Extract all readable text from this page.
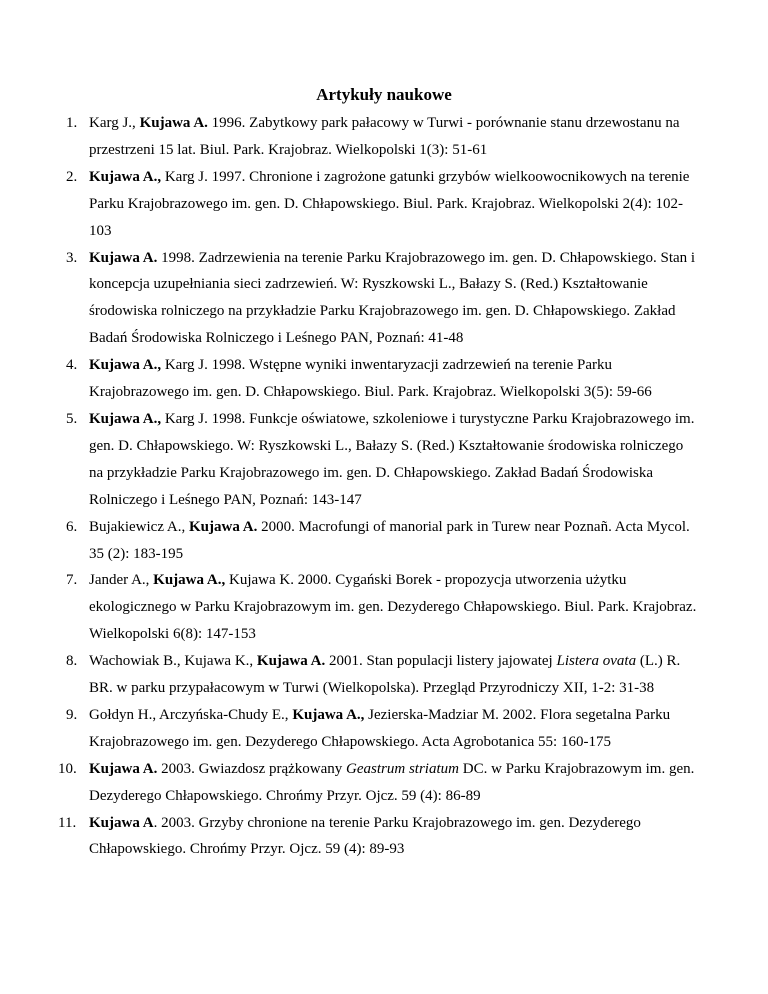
Artykuły naukowe
1. Karg J., Kujawa A. 1996. Zabytkowy park pałacowy w Turwi - porównanie stanu drzewostanu na przestrzeni 15 lat. Biul. Park. Krajobraz. Wielkopolski 1(3): 51-61
2. Kujawa A., Karg J. 1997. Chronione i zagrożone gatunki grzybów wielkoowocnikowych na terenie Parku Krajobrazowego im. gen. D. Chłapowskiego. Biul. Park. Krajobraz. Wielkopolski 2(4): 102-103
3. Kujawa A. 1998. Zadrzewienia na terenie Parku Krajobrazowego im. gen. D. Chłapowskiego. Stan i koncepcja uzupełniania sieci zadrzewień. W: Ryszkowski L., Bałazy S. (Red.) Kształtowanie środowiska rolniczego na przykładzie Parku Krajobrazowego im. gen. D. Chłapowskiego. Zakład Badań Środowiska Rolniczego i Leśnego PAN, Poznań: 41-48
4. Kujawa A., Karg J. 1998. Wstępne wyniki inwentaryzacji zadrzewień na terenie Parku Krajobrazowego im. gen. D. Chłapowskiego. Biul. Park. Krajobraz. Wielkopolski 3(5): 59-66
5. Kujawa A., Karg J. 1998. Funkcje oświatowe, szkoleniowe i turystyczne Parku Krajobrazowego im. gen. D. Chłapowskiego. W: Ryszkowski L., Bałazy S. (Red.) Kształtowanie środowiska rolniczego na przykładzie Parku Krajobrazowego im. gen. D. Chłapowskiego. Zakład Badań Środowiska Rolniczego i Leśnego PAN, Poznań: 143-147
6. Bujakiewicz A., Kujawa A. 2000. Macrofungi of manorial park in Turew near Poznañ. Acta Mycol. 35 (2): 183-195
7. Jander A., Kujawa A., Kujawa K. 2000. Cygański Borek - propozycja utworzenia użytku ekologicznego w Parku Krajobrazowym im. gen. Dezyderego Chłapowskiego. Biul. Park. Krajobraz. Wielkopolski 6(8): 147-153
8. Wachowiak B., Kujawa K., Kujawa A. 2001. Stan populacji listery jajowatej Listera ovata (L.) R. BR. w parku przypałacowym w Turwi (Wielkopolska). Przegląd Przyrodniczy XII, 1-2: 31-38
9. Gołdyn H., Arczyńska-Chudy E., Kujawa A., Jezierska-Madziar M. 2002. Flora segetalna Parku Krajobrazowego im. gen. Dezyderego Chłapowskiego. Acta Agrobotanica 55: 160-175
10. Kujawa A. 2003. Gwiazdosz prążkowany Geastrum striatum DC. w Parku Krajobrazowym im. gen. Dezyderego Chłapowskiego. Chrońmy Przyr. Ojcz. 59 (4): 86-89
11. Kujawa A. 2003. Grzyby chronione na terenie Parku Krajobrazowego im. gen. Dezyderego Chłapowskiego. Chrońmy Przyr. Ojcz. 59 (4): 89-93
